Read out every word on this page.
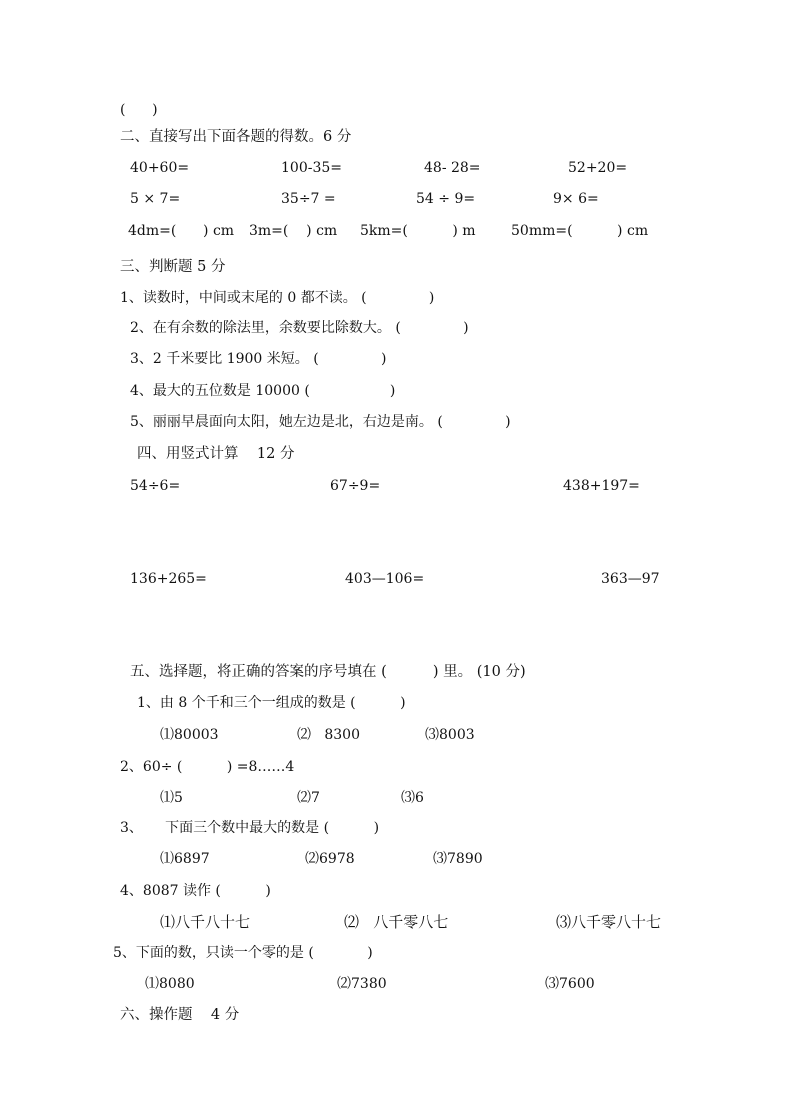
(      )
二、直接写出下面各题的得数。6 分
40+60=	100-35=	48- 28=	52+20=
5 × 7=	35÷7 =	54 ÷ 9=	9× 6=
4dm=(      ) cm 3m=(    ) cm 5km=(          ) m	50mm=(          ) cm
三、判断题 5 分
1、读数时，中间或末尾的 0 都不读。 (              )
2、在有余数的除法里，余数要比除数大。 (              )
3、2 千米要比 1900 米短。 (              )
4、最大的五位数是 10000 (                  )
5、丽丽早晨面向太阳，她左边是北，右边是南。 (              )
四、用竖式计算    12 分
54÷6=	67÷9=	438+197=
136+265=	403—106=	363—97
五、选择题，将正确的答案的序号填在 (          ) 里。 (10 分)
1、由 8 个千和三个一组成的数是 (          )
⑴80003	⑵   8300	⑶8003
2、60÷ (          ) =8……4
⑴5	⑵7	⑶6
3、     下面三个数中最大的数是 (          )
⑴6897	⑵6978	⑶7890
4、8087 读作 (          )
⑴八千八十七	⑵   八千零八七	⑶八千零八十七
5、下面的数，只读一个零的是 (            )
⑴8080	⑵7380	⑶7600
六、操作题    4 分
